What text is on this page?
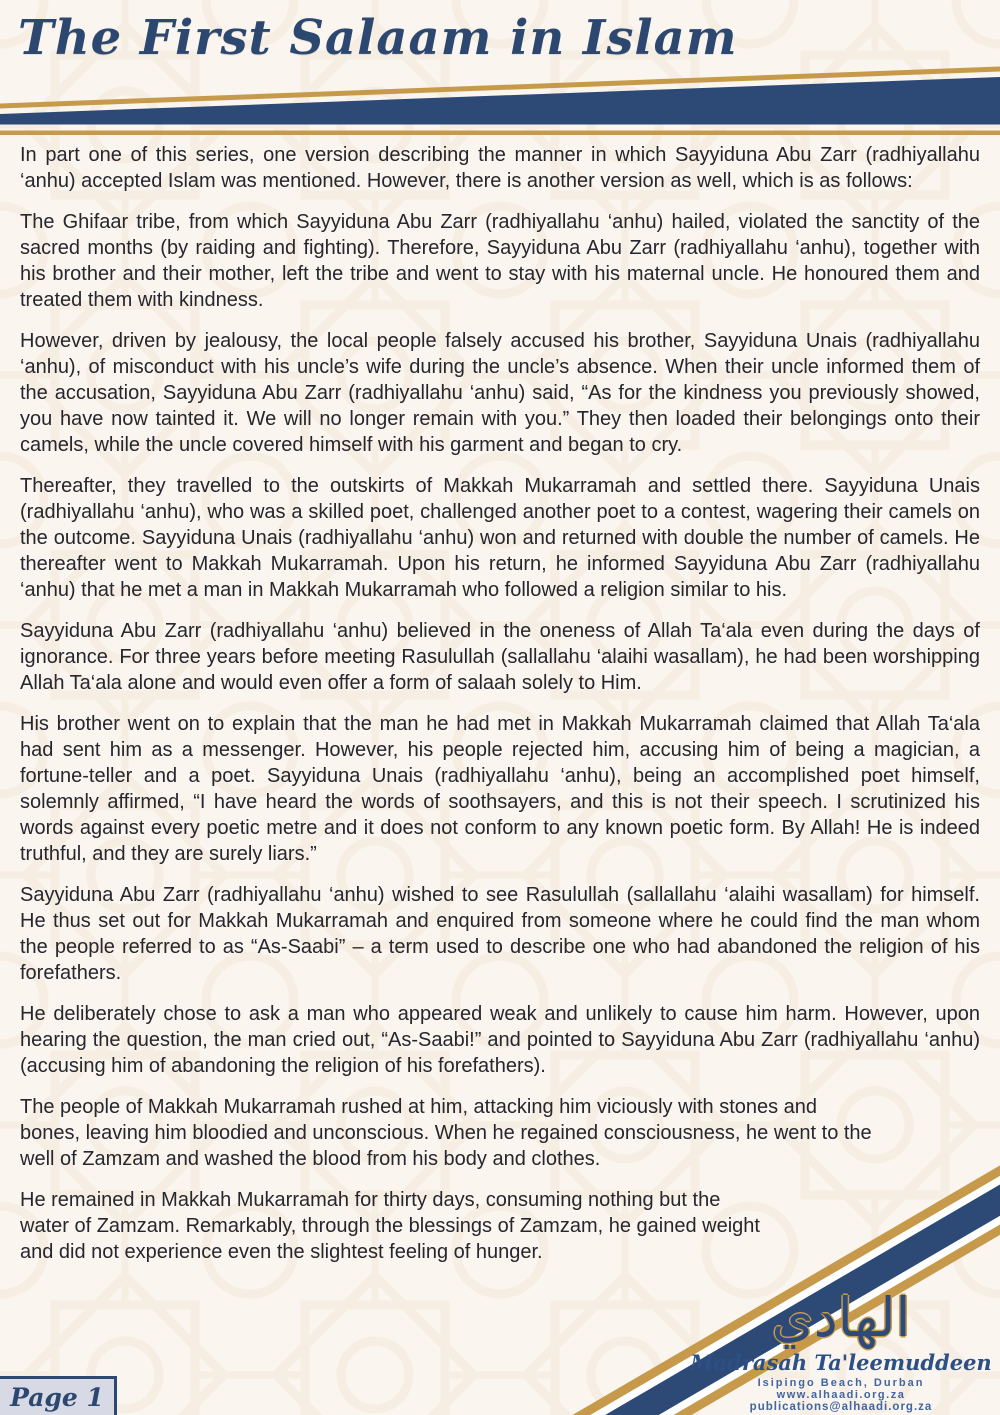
The First Salaam in Islam

In part one of this series, one version describing the manner in which Sayyiduna Abu Zarr (radhiyallahu ‘anhu) accepted Islam was mentioned. However, there is another version as well, which is as follows:

The Ghifaar tribe, from which Sayyiduna Abu Zarr (radhiyallahu ‘anhu) hailed, violated the sanctity of the sacred months (by raiding and fighting). Therefore, Sayyiduna Abu Zarr (radhiyallahu ‘anhu), together with his brother and their mother, left the tribe and went to stay with his maternal uncle. He honoured them and treated them with kindness.

However, driven by jealousy, the local people falsely accused his brother, Sayyiduna Unais (radhiyallahu ‘anhu), of misconduct with his uncle’s wife during the uncle’s absence. When their uncle informed them of the accusation, Sayyiduna Abu Zarr (radhiyallahu ‘anhu) said, “As for the kindness you previously showed, you have now tainted it. We will no longer remain with you.” They then loaded their belongings onto their camels, while the uncle covered himself with his garment and began to cry.

Thereafter, they travelled to the outskirts of Makkah Mukarramah and settled there. Sayyiduna Unais (radhiyallahu ‘anhu), who was a skilled poet, challenged another poet to a contest, wagering their camels on the outcome. Sayyiduna Unais (radhiyallahu ‘anhu) won and returned with double the number of camels. He thereafter went to Makkah Mukarramah. Upon his return, he informed Sayyiduna Abu Zarr (radhiyallahu ‘anhu) that he met a man in Makkah Mukarramah who followed a religion similar to his.

Sayyiduna Abu Zarr (radhiyallahu ‘anhu) believed in the oneness of Allah Ta‘ala even during the days of ignorance. For three years before meeting Rasulullah (sallallahu ‘alaihi wasallam), he had been worshipping Allah Ta‘ala alone and would even offer a form of salaah solely to Him.

His brother went on to explain that the man he had met in Makkah Mukarramah claimed that Allah Ta‘ala had sent him as a messenger. However, his people rejected him, accusing him of being a magician, a fortune-teller and a poet. Sayyiduna Unais (radhiyallahu ‘anhu), being an accomplished poet himself, solemnly affirmed, “I have heard the words of soothsayers, and this is not their speech. I scrutinized his words against every poetic metre and it does not conform to any known poetic form. By Allah! He is indeed truthful, and they are surely liars.”

Sayyiduna Abu Zarr (radhiyallahu ‘anhu) wished to see Rasulullah (sallallahu ‘alaihi wasallam) for himself. He thus set out for Makkah Mukarramah and enquired from someone where he could find the man whom the people referred to as “As-Saabi” – a term used to describe one who had abandoned the religion of his forefathers.

He deliberately chose to ask a man who appeared weak and unlikely to cause him harm. However, upon hearing the question, the man cried out, “As-Saabi!” and pointed to Sayyiduna Abu Zarr (radhiyallahu ‘anhu) (accusing him of abandoning the religion of his forefathers).

The people of Makkah Mukarramah rushed at him, attacking him viciously with stones and bones, leaving him bloodied and unconscious. When he regained consciousness, he went to the well of Zamzam and washed the blood from his body and clothes.

He remained in Makkah Mukarramah for thirty days, consuming nothing but the water of Zamzam. Remarkably, through the blessings of Zamzam, he gained weight and did not experience even the slightest feeling of hunger.

الهادي
Madrasah Ta'leemuddeen
Isipingo Beach, Durban
www.alhaadi.org.za
publications@alhaadi.org.za
Page 1
